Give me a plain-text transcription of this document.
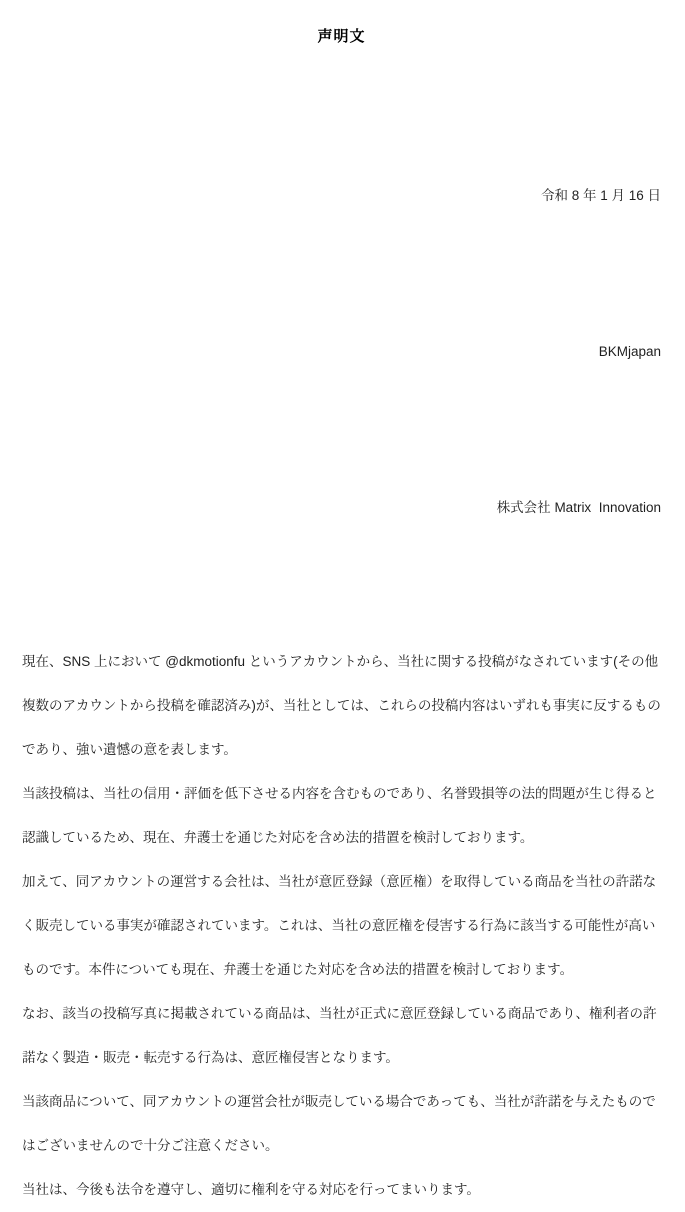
声明文

令和 8 年 1 月 16 日

BKMjapan

株式会社 Matrix  Innovation

現在、SNS 上において @dkmotionfu というアカウントから、当社に関する投稿がなされています(その他複数のアカウントから投稿を確認済み)が、当社としては、これらの投稿内容はいずれも事実に反するものであり、強い遺憾の意を表します。

当該投稿は、当社の信用・評価を低下させる内容を含むものであり、名誉毀損等の法的問題が生じ得ると認識しているため、現在、弁護士を通じた対応を含め法的措置を検討しております。

加えて、同アカウントの運営する会社は、当社が意匠登録（意匠権）を取得している商品を当社の許諾なく販売している事実が確認されています。これは、当社の意匠権を侵害する行為に該当する可能性が高いものです。本件についても現在、弁護士を通じた対応を含め法的措置を検討しております。

なお、該当の投稿写真に掲載されている商品は、当社が正式に意匠登録している商品であり、権利者の許諾なく製造・販売・転売する行為は、意匠権侵害となります。

当該商品について、同アカウントの運営会社が販売している場合であっても、当社が許諾を与えたものではございませんので十分ご注意ください。

当社は、今後も法令を遵守し、適切に権利を守る対応を行ってまいります。
